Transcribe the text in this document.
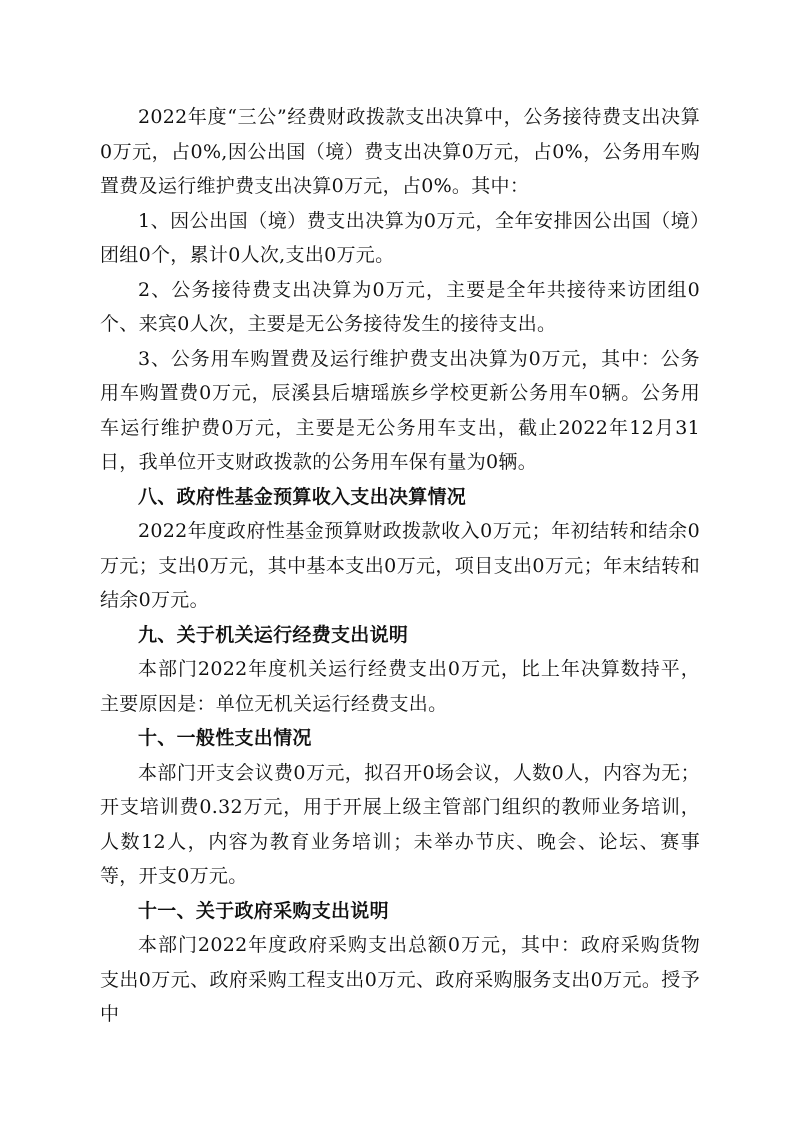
2022年度“三公”经费财政拨款支出决算中，公务接待费支出决算0万元，占0%,因公出国（境）费支出决算0万元，占0%，公务用车购置费及运行维护费支出决算0万元，占0%。其中：

1、因公出国（境）费支出决算为0万元，全年安排因公出国（境）团组0个，累计0人次,支出0万元。

2、公务接待费支出决算为0万元，主要是全年共接待来访团组0个、来宾0人次，主要是无公务接待发生的接待支出。

3、公务用车购置费及运行维护费支出决算为0万元，其中：公务用车购置费0万元，辰溪县后塘瑶族乡学校更新公务用车0辆。公务用车运行维护费0万元，主要是无公务用车支出，截止2022年12月31日，我单位开支财政拨款的公务用车保有量为0辆。

八、政府性基金预算收入支出决算情况

2022年度政府性基金预算财政拨款收入0万元；年初结转和结余0万元；支出0万元，其中基本支出0万元，项目支出0万元；年末结转和结余0万元。

九、关于机关运行经费支出说明

本部门2022年度机关运行经费支出0万元，比上年决算数持平，主要原因是：单位无机关运行经费支出。

十、一般性支出情况

本部门开支会议费0万元，拟召开0场会议，人数0人，内容为无；开支培训费0.32万元，用于开展上级主管部门组织的教师业务培训，人数12人，内容为教育业务培训；未举办节庆、晚会、论坛、赛事等，开支0万元。

十一、关于政府采购支出说明

本部门2022年度政府采购支出总额0万元，其中：政府采购货物支出0万元、政府采购工程支出0万元、政府采购服务支出0万元。授予中
